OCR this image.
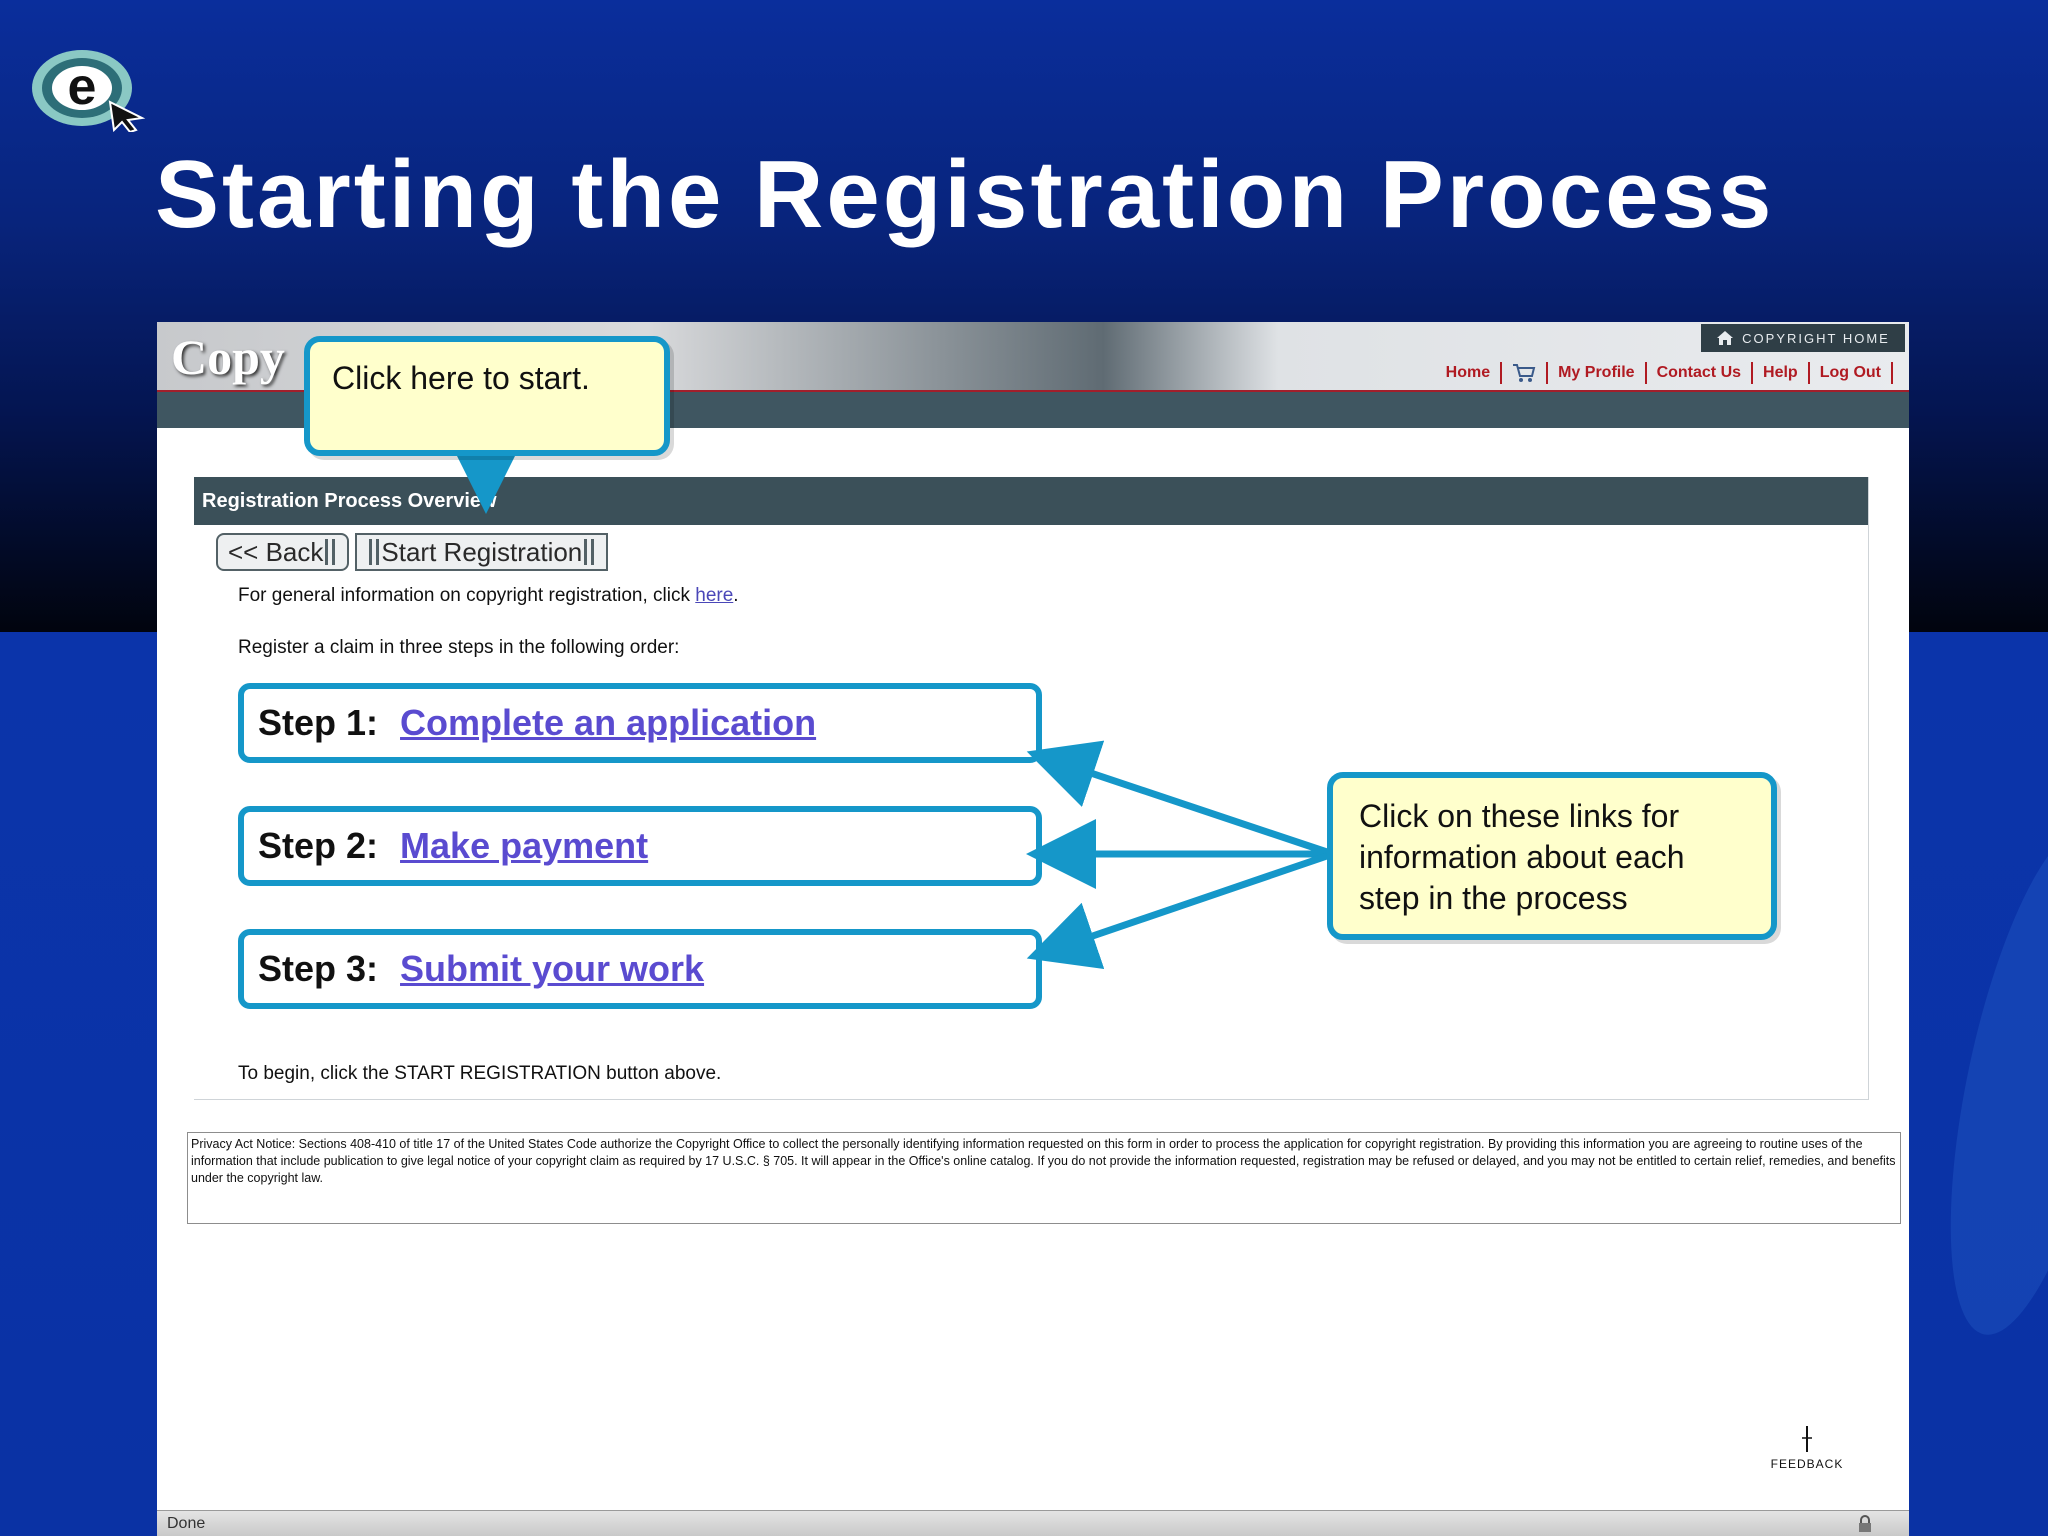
e
Starting the Registration Process
Copy	COPYRIGHT HOME
Home	My Profile Contact Us Help Log Out
Registration Process Overview
<< Back Start Registration
For general information on copyright registration, click here.
Register a claim in three steps in the following order:
Step 1: Complete an application
Step 2: Make payment
Step 3: Submit your work
To begin, click the START REGISTRATION button above.
Privacy Act Notice: Sections 408-410 of title 17 of the United States Code authorize the Copyright Office to collect the personally identifying information requested on this form in order to process the application for copyright registration. By providing this information you are agreeing to routine uses of the information that include publication to give legal notice of your copyright claim as required by 17 U.S.C. § 705. It will appear in the Office's online catalog. If you do not provide the information requested, registration may be refused or delayed, and you may not be entitled to certain relief, remedies, and benefits under the copyright law.
FEEDBACK
Done
Click here to start.
Click on these links for information about each step in the process
